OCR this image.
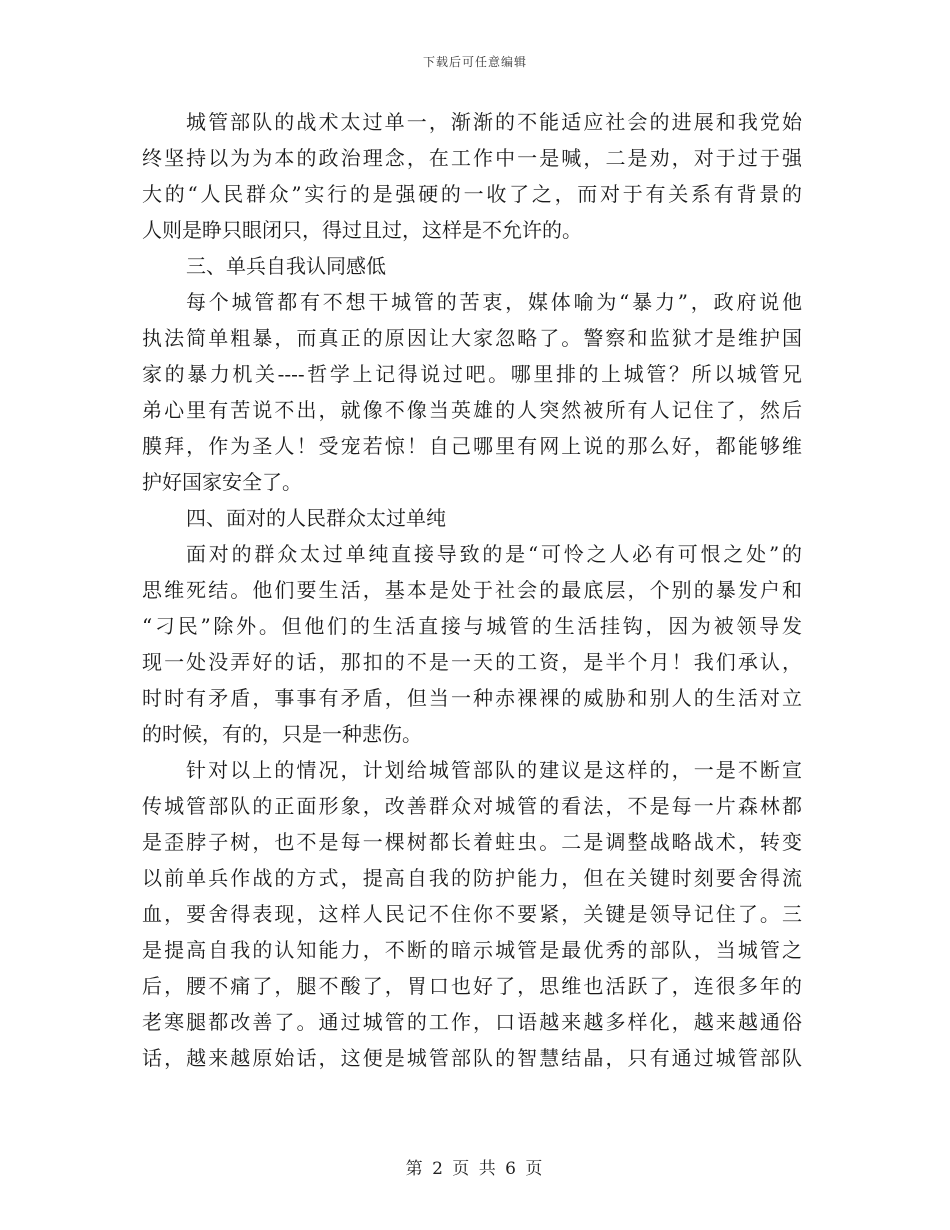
下载后可任意编辑
城管部队的战术太过单一，渐渐的不能适应社会的进展和我党始
终坚持以为为本的政治理念，在工作中一是喊，二是劝，对于过于强
大的“人民群众”实行的是强硬的一收了之，而对于有关系有背景的
人则是睁只眼闭只，得过且过，这样是不允许的。
三、单兵自我认同感低
每个城管都有不想干城管的苦衷，媒体喻为“暴力”，政府说他
执法简单粗暴，而真正的原因让大家忽略了。警察和监狱才是维护国
家的暴力机关----哲学上记得说过吧。哪里排的上城管？所以城管兄
弟心里有苦说不出，就像不像当英雄的人突然被所有人记住了，然后
膜拜，作为圣人！受宠若惊！自己哪里有网上说的那么好，都能够维
护好国家安全了。
四、面对的人民群众太过单纯
面对的群众太过单纯直接导致的是“可怜之人必有可恨之处”的
思维死结。他们要生活，基本是处于社会的最底层，个别的暴发户和
“刁民”除外。但他们的生活直接与城管的生活挂钩，因为被领导发
现一处没弄好的话，那扣的不是一天的工资，是半个月！我们承认，
时时有矛盾，事事有矛盾，但当一种赤裸裸的威胁和别人的生活对立
的时候，有的，只是一种悲伤。
针对以上的情况，计划给城管部队的建议是这样的，一是不断宣
传城管部队的正面形象，改善群众对城管的看法，不是每一片森林都
是歪脖子树，也不是每一棵树都长着蛀虫。二是调整战略战术，转变
以前单兵作战的方式，提高自我的防护能力，但在关键时刻要舍得流
血，要舍得表现，这样人民记不住你不要紧，关键是领导记住了。三
是提高自我的认知能力，不断的暗示城管是最优秀的部队，当城管之
后，腰不痛了，腿不酸了，胃口也好了，思维也活跃了，连很多年的
老寒腿都改善了。通过城管的工作，口语越来越多样化，越来越通俗
话，越来越原始话，这便是城管部队的智慧结晶，只有通过城管部队
第 2 页 共 6 页
